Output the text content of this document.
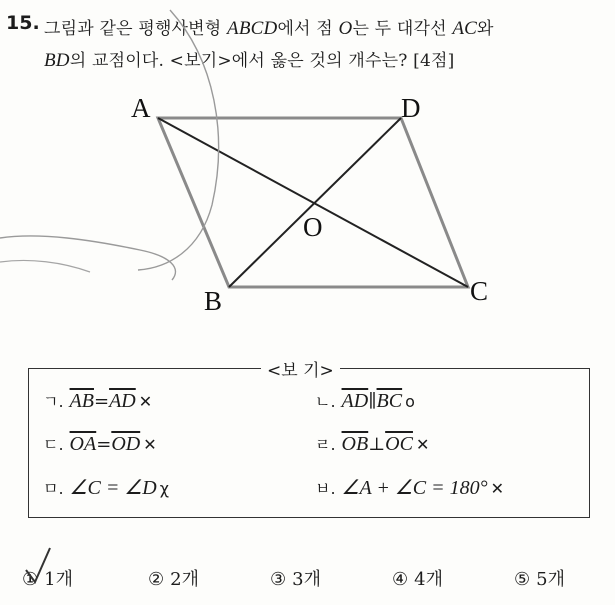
15. 그림과 같은 평행사변형 ABCD에서 점 O는 두 대각선 AC와
BD의 교점이다. <보기>에서 옳은 것의 개수는? [4점]
A	D
O
B	C
<보 기>
ㄱ. $\overline{AB}=\overline{AD}$ ✕	ㄴ. $\overline{AD}\parallel\overline{BC}$ o
ㄷ. $\overline{OA}=\overline{OD}$ ✕	ㄹ. $\overline{OB}\perp\overline{OC}$ ✕
ㅁ. ∠C = ∠D χ	ㅂ. ∠A + ∠C = 180° ✕
① 1개	② 2개	③ 3개	④ 4개	⑤ 5개
